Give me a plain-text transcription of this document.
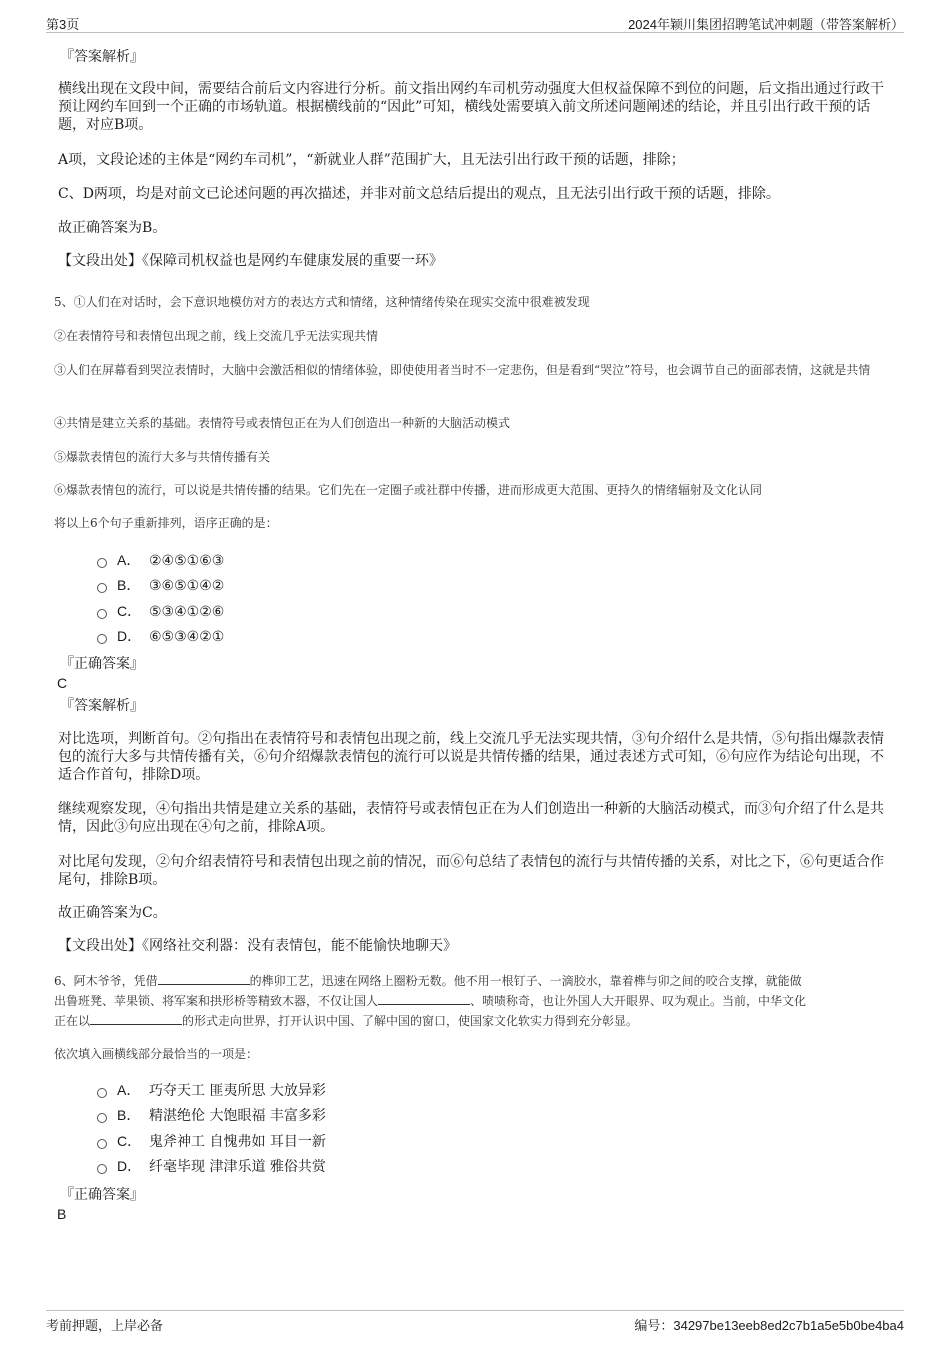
第3页	2024年颖川集团招聘笔试冲刺题（带答案解析）
『答案解析』
横线出现在文段中间，需要结合前后文内容进行分析。前文指出网约车司机劳动强度大但权益保障不到位的问题，后文指出通过行政干预让网约车回到一个正确的市场轨道。根据横线前的“因此”可知，横线处需要填入前文所述问题阐述的结论，并且引出行政干预的话题，对应B项。
A项，文段论述的主体是“网约车司机”，“新就业人群”范围扩大，且无法引出行政干预的话题，排除；
C、D两项，均是对前文已论述问题的再次描述，并非对前文总结后提出的观点，且无法引出行政干预的话题，排除。
故正确答案为B。
【文段出处】《保障司机权益也是网约车健康发展的重要一环》
5、①人们在对话时，会下意识地模仿对方的表达方式和情绪，这种情绪传染在现实交流中很难被发现
②在表情符号和表情包出现之前，线上交流几乎无法实现共情
③人们在屏幕看到哭泣表情时，大脑中会激活相似的情绪体验，即使使用者当时不一定悲伤，但是看到“哭泣”符号，也会调节自己的面部表情，这就是共情
④共情是建立关系的基础。表情符号或表情包正在为人们创造出一种新的大脑活动模式
⑤爆款表情包的流行大多与共情传播有关
⑥爆款表情包的流行，可以说是共情传播的结果。它们先在一定圈子或社群中传播，进而形成更大范围、更持久的情绪辐射及文化认同
将以上6个句子重新排列，语序正确的是：
A． ②④⑤①⑥③
B． ③⑥⑤①④②
C． ⑤③④①②⑥
D． ⑥⑤③④②①
『正确答案』
C
『答案解析』
对比选项，判断首句。②句指出在表情符号和表情包出现之前，线上交流几乎无法实现共情，③句介绍什么是共情，⑤句指出爆款表情包的流行大多与共情传播有关，⑥句介绍爆款表情包的流行可以说是共情传播的结果，通过表述方式可知，⑥句应作为结论句出现，不适合作首句，排除D项。
继续观察发现，④句指出共情是建立关系的基础，表情符号或表情包正在为人们创造出一种新的大脑活动模式，而③句介绍了什么是共情，因此③句应出现在④句之前，排除A项。
对比尾句发现，②句介绍表情符号和表情包出现之前的情况，而⑥句总结了表情包的流行与共情传播的关系，对比之下，⑥句更适合作尾句，排除B项。
故正确答案为C。
【文段出处】《网络社交利器：没有表情包，能不能愉快地聊天》
6、阿木爷爷，凭借	的榫卯工艺，迅速在网络上圈粉无数。他不用一根钉子、一滴胶水，靠着榫与卯之间的咬合支撑，就能做
出鲁班凳、苹果锁、将军案和拱形桥等精致木器，不仅让国人	、啧啧称奇，也让外国人大开眼界、叹为观止。当前，中华文化
正在以	的形式走向世界，打开认识中国、了解中国的窗口，使国家文化软实力得到充分彰显。
依次填入画横线部分最恰当的一项是：
A． 巧夺天工 匪夷所思 大放异彩
B． 精湛绝伦 大饱眼福 丰富多彩
C． 鬼斧神工 自愧弗如 耳目一新
D． 纤毫毕现 津津乐道 雅俗共赏
『正确答案』
B
考前押题，上岸必备	编号：34297be13eeb8ed2c7b1a5e5b0be4ba4
